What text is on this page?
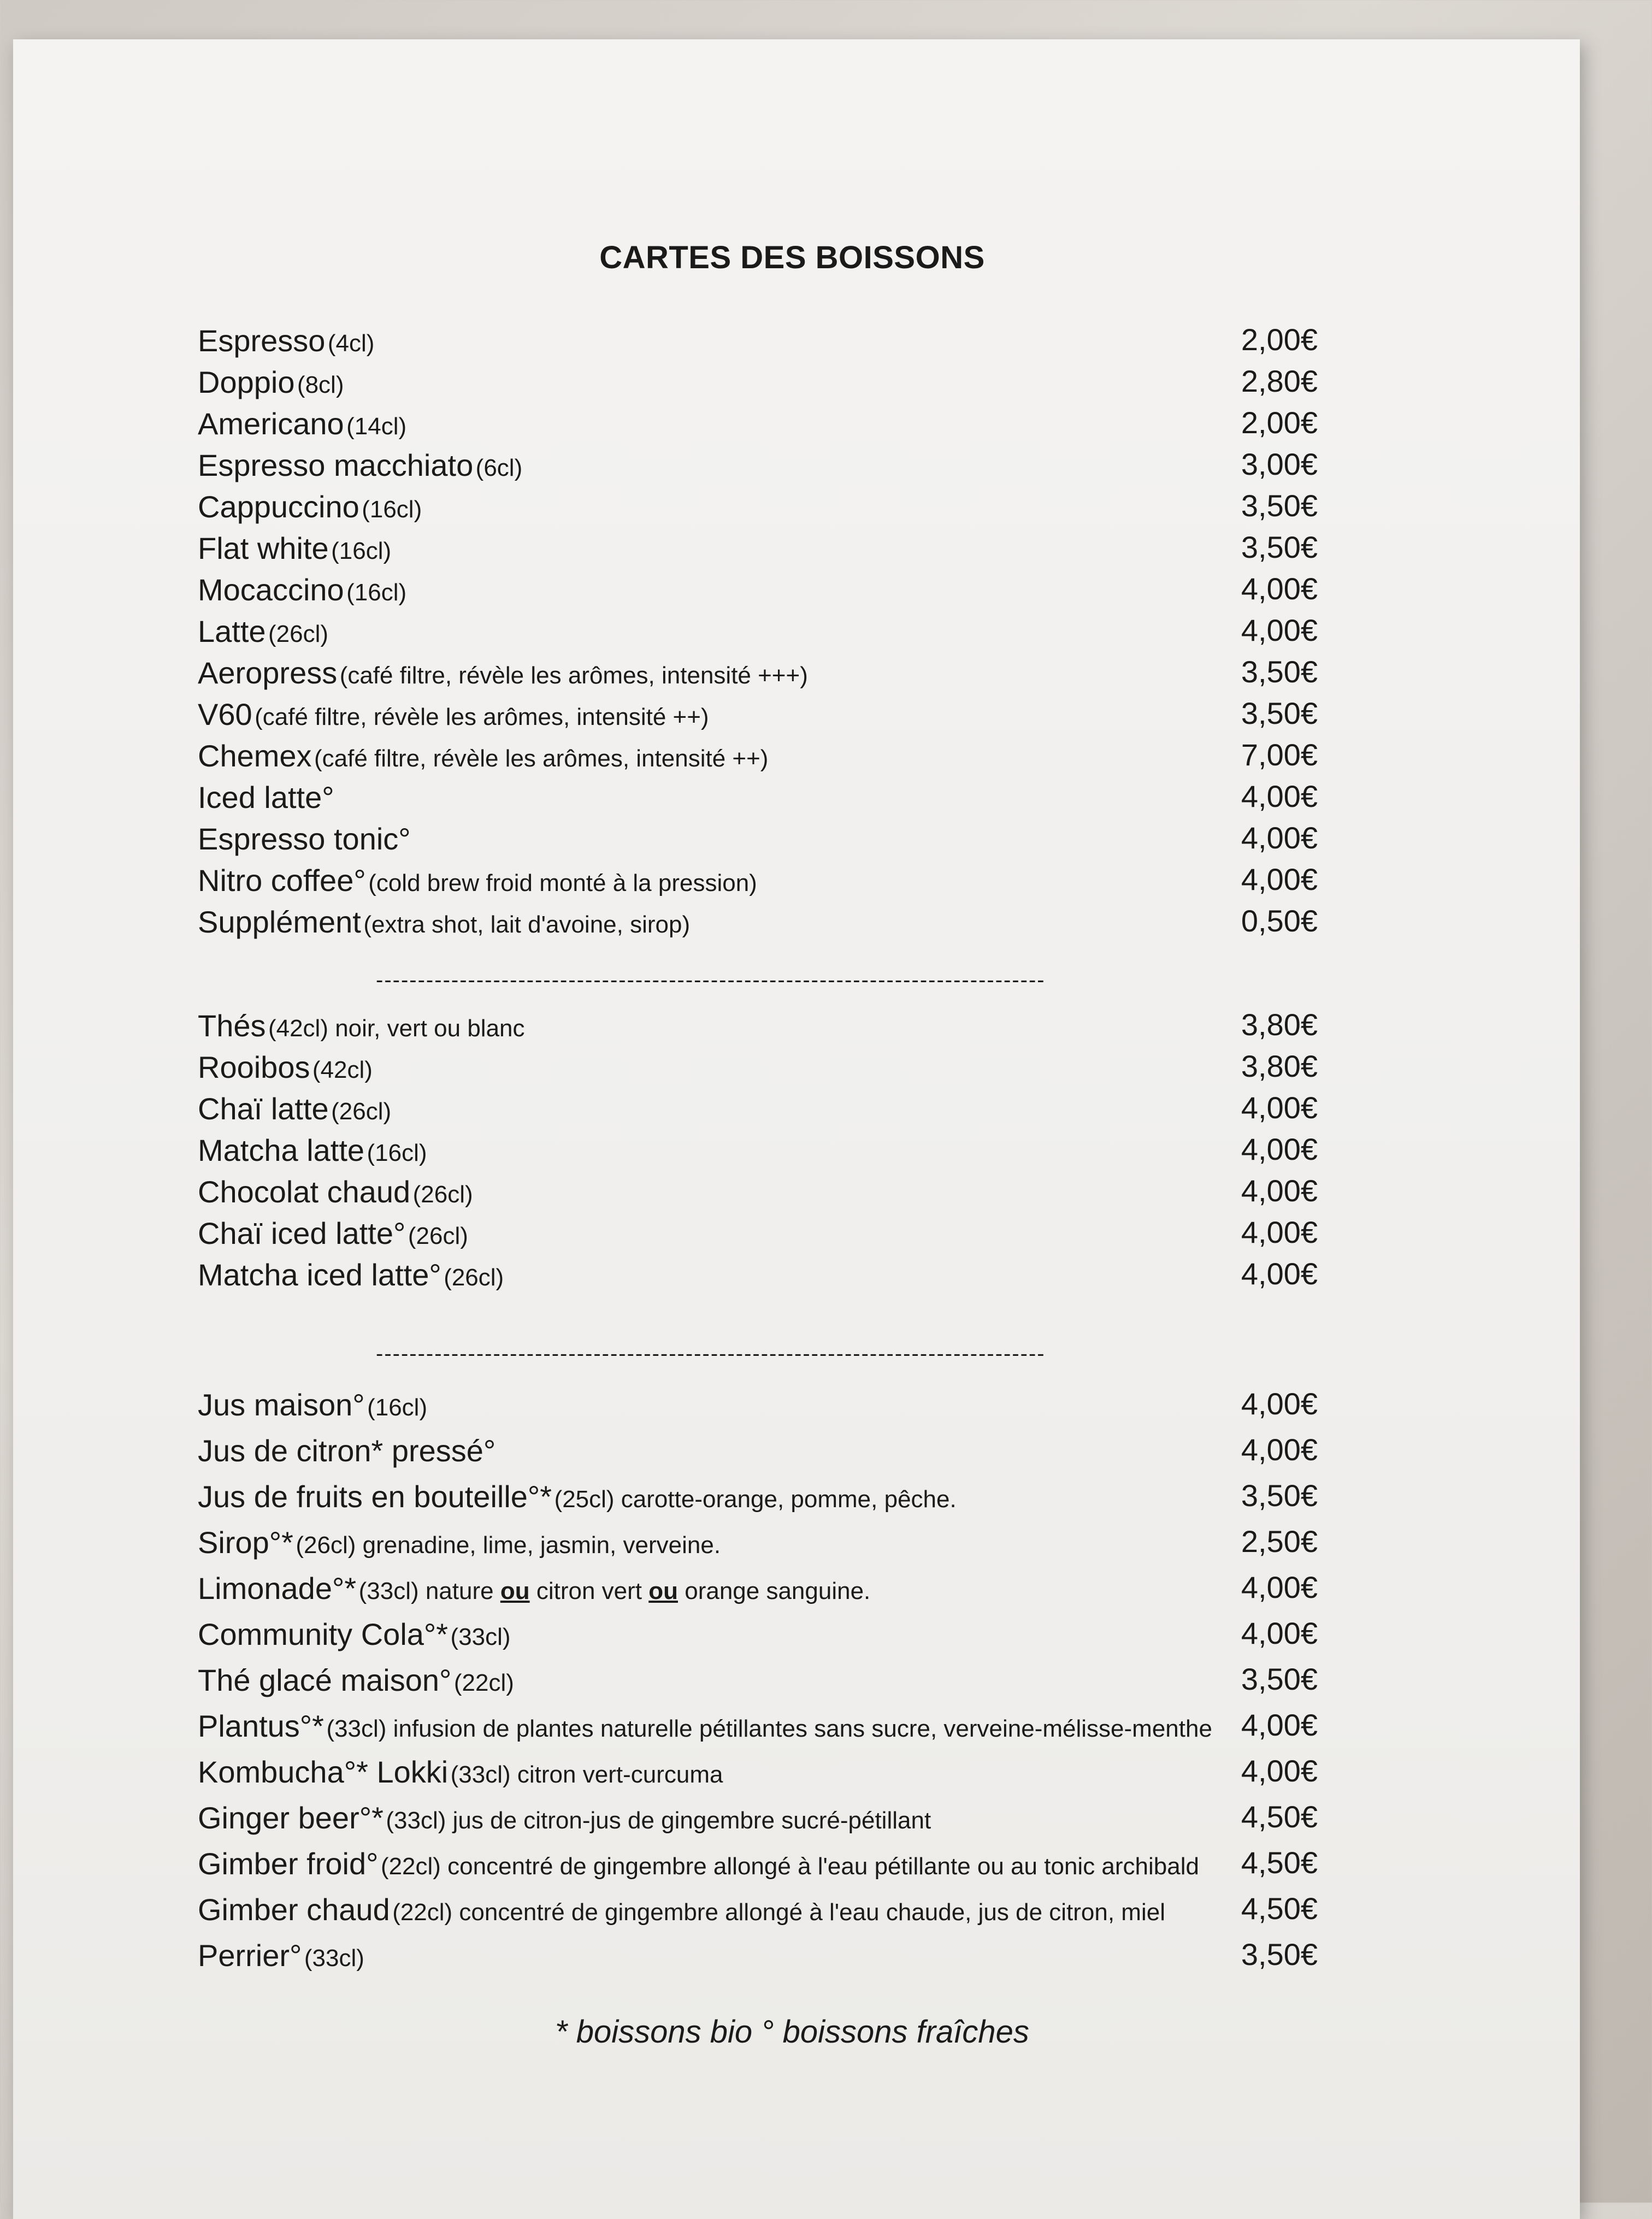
CARTES DES BOISSONS
Espresso (4cl)	2,00€
Doppio (8cl)	2,80€
Americano (14cl)	2,00€
Espresso macchiato (6cl)	3,00€
Cappuccino (16cl)	3,50€
Flat white (16cl)	3,50€
Mocaccino (16cl)	4,00€
Latte (26cl)	4,00€
Aeropress (café filtre, révèle les arômes, intensité +++)	3,50€
V60 (café filtre, révèle les arômes, intensité ++)	3,50€
Chemex (café filtre, révèle les arômes, intensité ++)	7,00€
Iced latte°	4,00€
Espresso tonic°	4,00€
Nitro coffee° (cold brew froid monté à la pression)	4,00€
Supplément (extra shot, lait d'avoine, sirop)	0,50€
--------------------------------------------------------------------------------
Thés (42cl) noir, vert ou blanc	3,80€
Rooibos (42cl)	3,80€
Chaï latte (26cl)	4,00€
Matcha latte (16cl)	4,00€
Chocolat chaud (26cl)	4,00€
Chaï iced latte° (26cl)	4,00€
Matcha iced latte° (26cl)	4,00€
--------------------------------------------------------------------------------
Jus maison° (16cl)	4,00€
Jus de citron* pressé°	4,00€
Jus de fruits en bouteille°* (25cl) carotte-orange, pomme, pêche.	3,50€
Sirop°* (26cl) grenadine, lime, jasmin, verveine.	2,50€
Limonade°* (33cl) nature ou citron vert ou orange sanguine.	4,00€
Community Cola°* (33cl)	4,00€
Thé glacé maison° (22cl)	3,50€
Plantus°* (33cl) infusion de plantes naturelle pétillantes sans sucre, verveine-mélisse-menthe 4,00€
Kombucha°* Lokki (33cl) citron vert-curcuma	4,00€
Ginger beer°* (33cl) jus de citron-jus de gingembre sucré-pétillant	4,50€
Gimber froid° (22cl) concentré de gingembre allongé à l'eau pétillante ou au tonic archibald 4,50€
Gimber chaud (22cl) concentré de gingembre allongé à l'eau chaude, jus de citron, miel 4,50€
Perrier° (33cl)	3,50€
* boissons bio ° boissons fraîches
